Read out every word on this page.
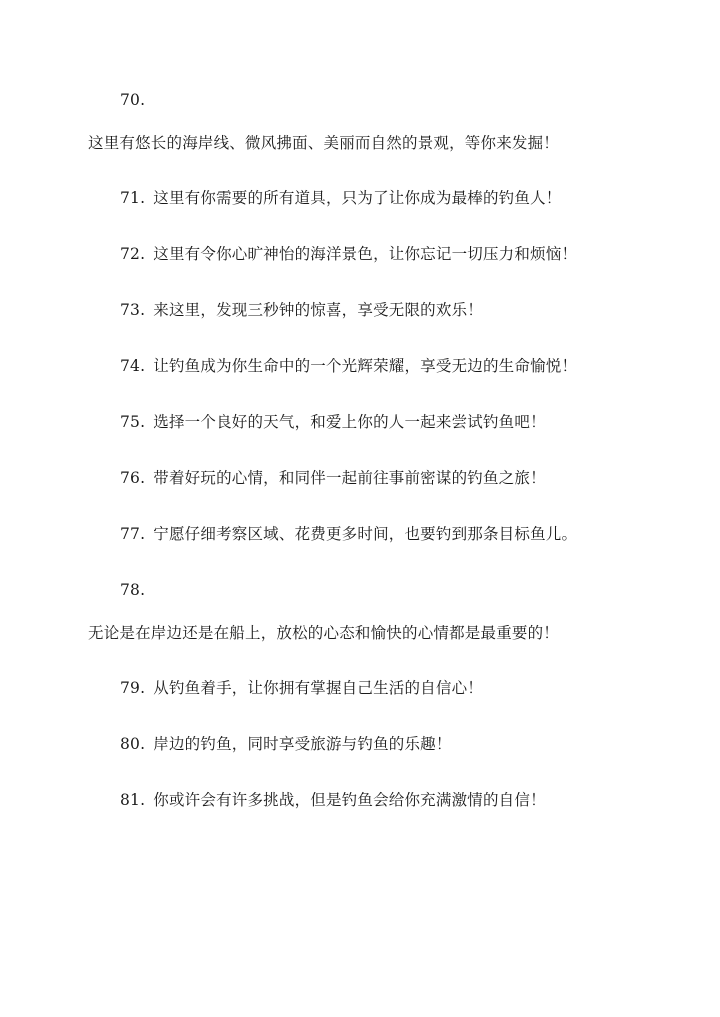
70.
这里有悠长的海岸线、微风拂面、美丽而自然的景观，等你来发掘！
71. 这里有你需要的所有道具，只为了让你成为最棒的钓鱼人！
72. 这里有令你心旷神怡的海洋景色，让你忘记一切压力和烦恼！
73. 来这里，发现三秒钟的惊喜，享受无限的欢乐！
74. 让钓鱼成为你生命中的一个光辉荣耀，享受无边的生命愉悦！
75. 选择一个良好的天气，和爱上你的人一起来尝试钓鱼吧！
76. 带着好玩的心情，和同伴一起前往事前密谋的钓鱼之旅！
77. 宁愿仔细考察区域、花费更多时间，也要钓到那条目标鱼儿。
78.
无论是在岸边还是在船上，放松的心态和愉快的心情都是最重要的！
79. 从钓鱼着手，让你拥有掌握自己生活的自信心！
80. 岸边的钓鱼，同时享受旅游与钓鱼的乐趣！
81. 你或许会有许多挑战，但是钓鱼会给你充满激情的自信！
